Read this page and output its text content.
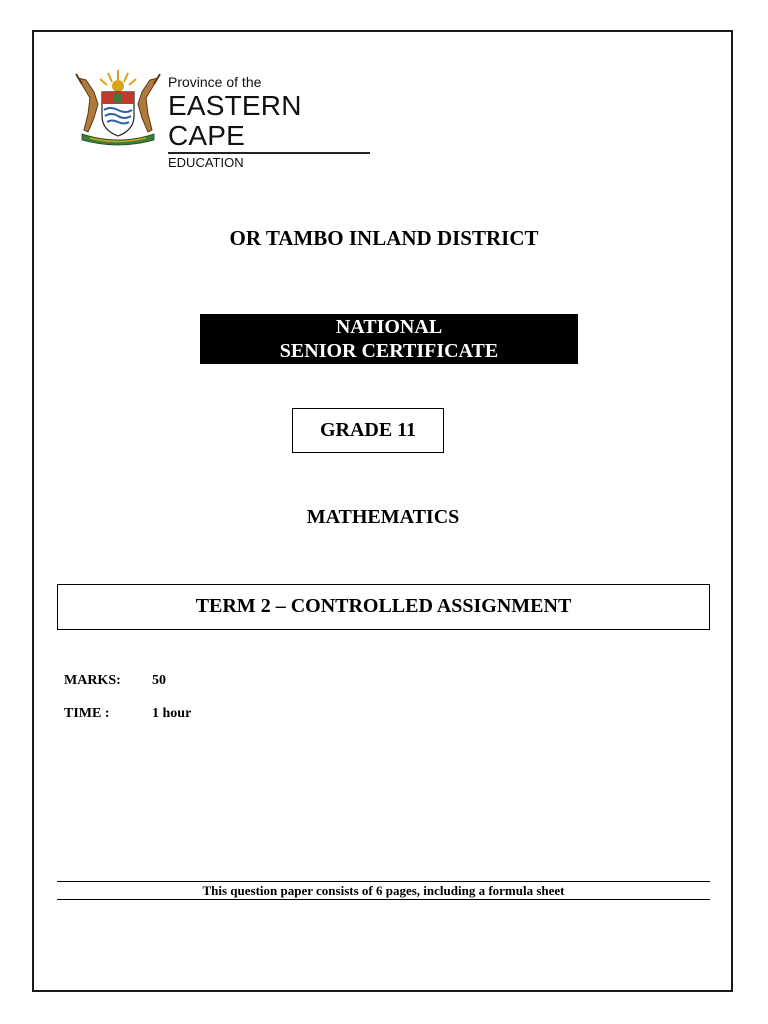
Province of the
EASTERN CAPE
EDUCATION
OR TAMBO INLAND DISTRICT
NATIONAL
SENIOR CERTIFICATE
GRADE 11
MATHEMATICS
TERM 2 – CONTROLLED ASSIGNMENT
MARKS: 50
TIME :	1 hour
This question paper consists of 6 pages, including a formula sheet
